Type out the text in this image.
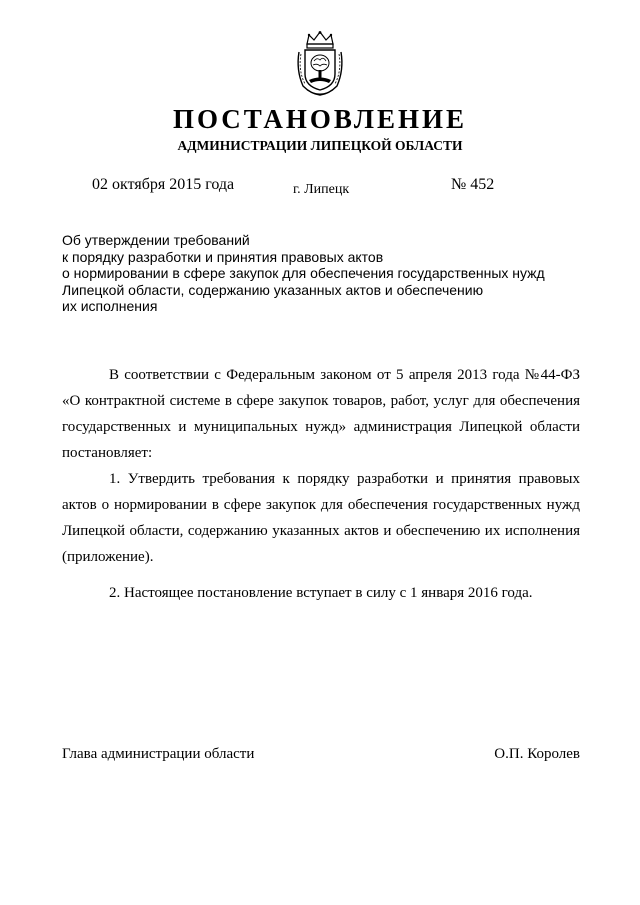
ПОСТАНОВЛЕНИЕ
АДМИНИСТРАЦИИ ЛИПЕЦКОЙ ОБЛАСТИ
02 октября 2015 года	г. Липецк	№ 452
Об утверждении требований
к порядку разработки и принятия правовых актов
о нормировании в сфере закупок для обеспечения государственных нужд
Липецкой области, содержанию указанных актов и обеспечению
их исполнения

В соответствии с Федеральным законом от 5 апреля 2013 года №44-ФЗ «О контрактной системе в сфере закупок товаров, работ, услуг для обеспечения государственных и муниципальных нужд» администрация Липецкой области постановляет:

1. Утвердить требования к порядку разработки и принятия правовых актов о нормировании в сфере закупок для обеспечения государственных нужд Липецкой области, содержанию указанных актов и обеспечению их исполнения (приложение).

2. Настоящее постановление вступает в силу с 1 января 2016 года.

Глава администрации области	О.П. Королев
